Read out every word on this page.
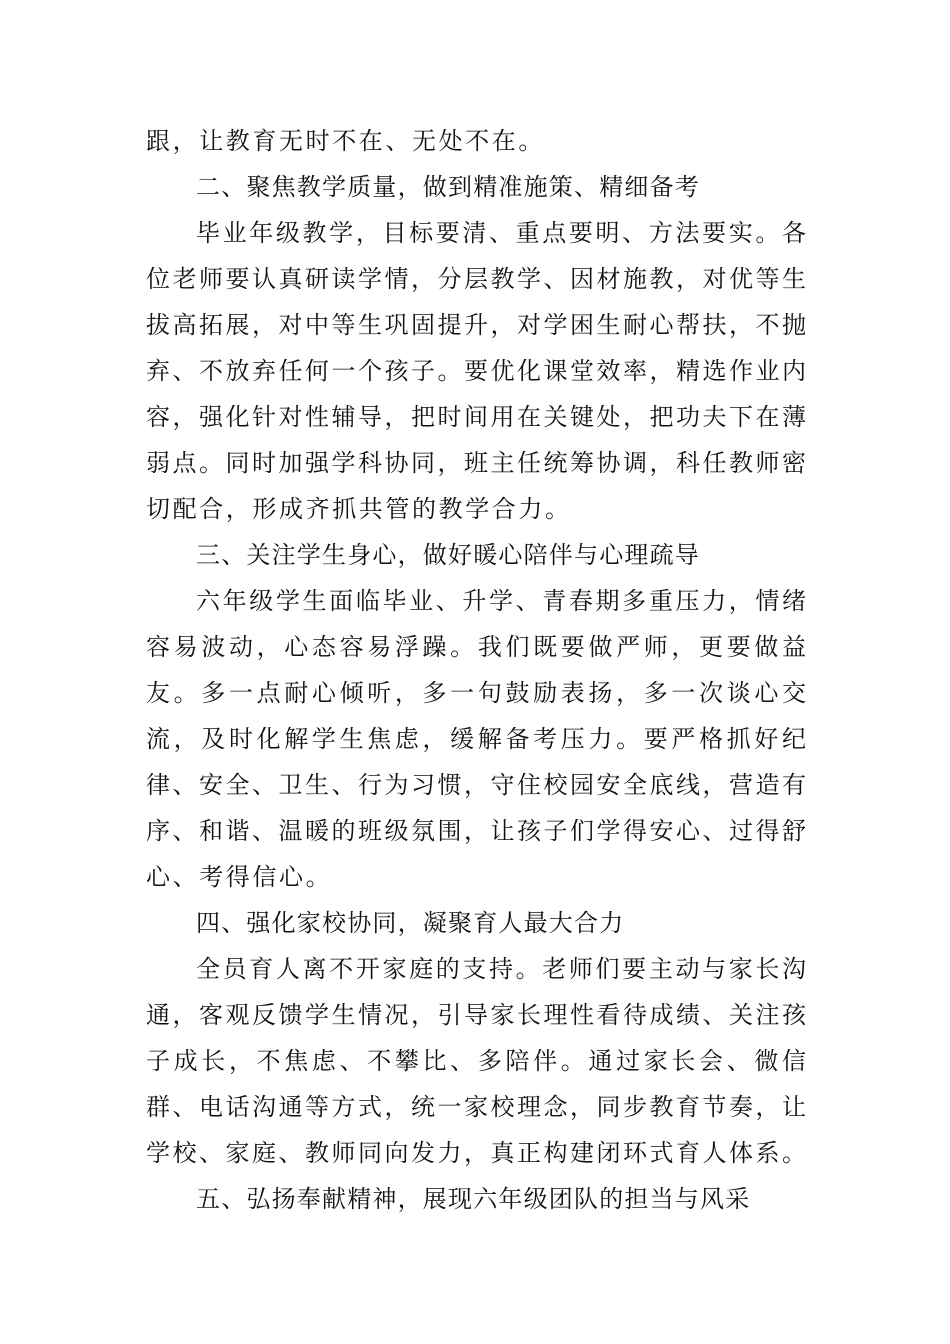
跟，让教育无时不在、无处不在。
二、聚焦教学质量，做到精准施策、精细备考
毕业年级教学，目标要清、重点要明、方法要实。各
位老师要认真研读学情，分层教学、因材施教，对优等生
拔高拓展，对中等生巩固提升，对学困生耐心帮扶，不抛
弃、不放弃任何一个孩子。要优化课堂效率，精选作业内
容，强化针对性辅导，把时间用在关键处，把功夫下在薄
弱点。同时加强学科协同，班主任统筹协调，科任教师密
切配合，形成齐抓共管的教学合力。
三、关注学生身心，做好暖心陪伴与心理疏导
六年级学生面临毕业、升学、青春期多重压力，情绪
容易波动，心态容易浮躁。我们既要做严师，更要做益
友。多一点耐心倾听，多一句鼓励表扬，多一次谈心交
流，及时化解学生焦虑，缓解备考压力。要严格抓好纪
律、安全、卫生、行为习惯，守住校园安全底线，营造有
序、和谐、温暖的班级氛围，让孩子们学得安心、过得舒
心、考得信心。
四、强化家校协同，凝聚育人最大合力
全员育人离不开家庭的支持。老师们要主动与家长沟
通，客观反馈学生情况，引导家长理性看待成绩、关注孩
子成长，不焦虑、不攀比、多陪伴。通过家长会、微信
群、电话沟通等方式，统一家校理念，同步教育节奏，让
学校、家庭、教师同向发力，真正构建闭环式育人体系。
五、弘扬奉献精神，展现六年级团队的担当与风采
